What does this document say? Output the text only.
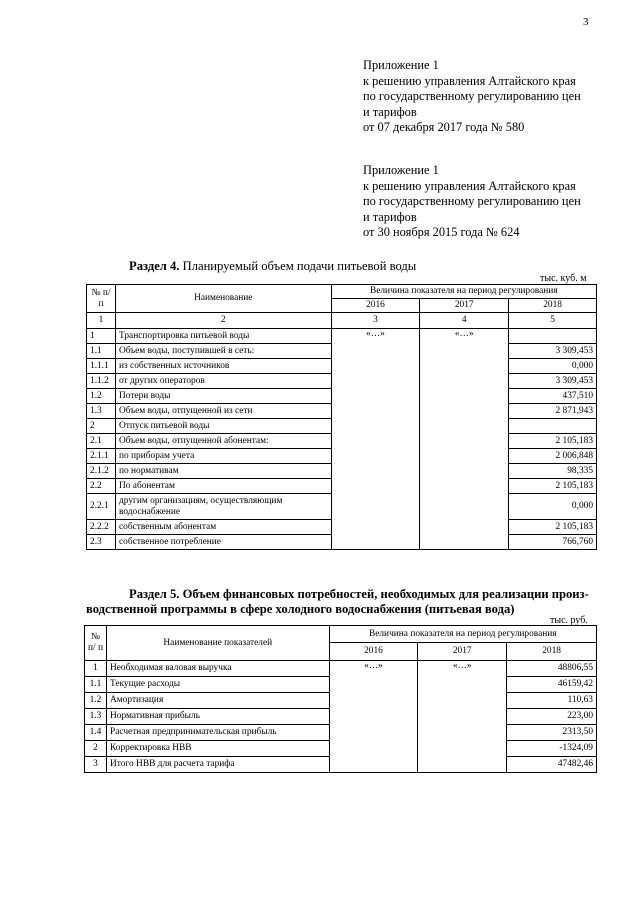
3
Приложение 1
к решению управления Алтайского края
по государственному регулированию цен
и тарифов
от 07 декабря 2017 года № 580
Приложение 1
к решению управления Алтайского края
по государственному регулированию цен
и тарифов
от 30 ноября 2015 года № 624
Раздел 4. Планируемый объем подачи питьевой воды
тыс. куб. м
№ п/п	Наименование	Величина показателя на период регулирования		
		2016	2017	2018
1	2	3	4	5
1	Транспортировка питьевой воды	«…»	«…»	
1.1	Объем воды, поступившей в сеть:			3 309,453
1.1.1	из собственных источников			0,000
1.1.2	от других операторов			3 309,453
1.2	Потери воды			437,510
1.3	Объем воды, отпущенной из сети			2 871,943
2	Отпуск питьевой воды			
2.1	Объем воды, отпущенной абонентам:			2 105,183
2.1.1	по приборам учета			2 006,848
2.1.2	по нормативам			98,335
2.2	По абонентам			2 105,183
2.2.1	другим организациям, осуществляющим водоснабжение			0,000
2.2.2	собственным абонентам			2 105,183
2.3	собственное потребление			766,760
Раздел 5. Объем финансовых потребностей, необходимых для реализации произ-
водственной программы в сфере холодного водоснабжения (питьевая вода)
тыс. руб.
№ п/ п	Наименование показателей	Величина показателя на период регулирования		
		2016	2017	2018
1	Необходимая валовая выручка	«…»	«…»	48806,55
1.1	Текущие расходы			46159,42
1.2	Амортизация			110,63
1.3	Нормативная прибыль			223,00
1.4	Расчетная предпринимательская прибыль			2313,50
2	Корректировка НВВ			-1324,09
3	Итого НВВ для расчета тарифа			47482,46
